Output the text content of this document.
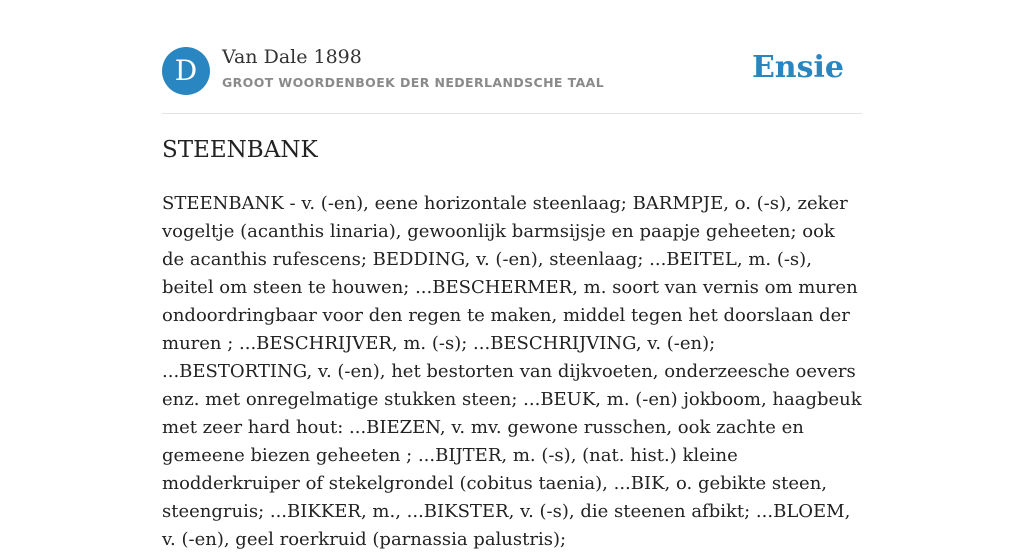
D	Van Dale 1898
GROOT WOORDENBOEK DER NEDERLANDSCHE TAAL	Ensie
STEENBANK

STEENBANK - v. (-en), eene horizontale steenlaag; BARMPJE, o. (-s), zeker vogeltje (acanthis linaria), gewoonlijk barmsijsje en paapje geheeten; ook de acanthis rufescens; BEDDING, v. (-en), steenlaag; ...BEITEL, m. (-s), beitel om steen te houwen; ...BESCHERMER, m. soort van vernis om muren ondoordringbaar voor den regen te maken, middel tegen het doorslaan der muren ; ...BESCHRIJVER, m. (-s); ...BESCHRIJVING, v. (-en); ...BESTORTING, v. (-en), het bestorten van dijkvoeten, onderzeesche oevers enz. met onregelmatige stukken steen; ...BEUK, m. (-en) jokboom, haagbeuk met zeer hard hout: ...BIEZEN, v. mv. gewone russchen, ook zachte en gemeene biezen geheeten ; ...BIJTER, m. (-s), (nat. hist.) kleine modderkruiper of stekelgrondel (cobitus taenia), ...BIK, o. gebikte steen, steengruis; ...BIKKER, m., ...BIKSTER, v. (-s), die steenen afbikt; ...BLOEM, v. (-en), geel roerkruid (parnassia palustris);
